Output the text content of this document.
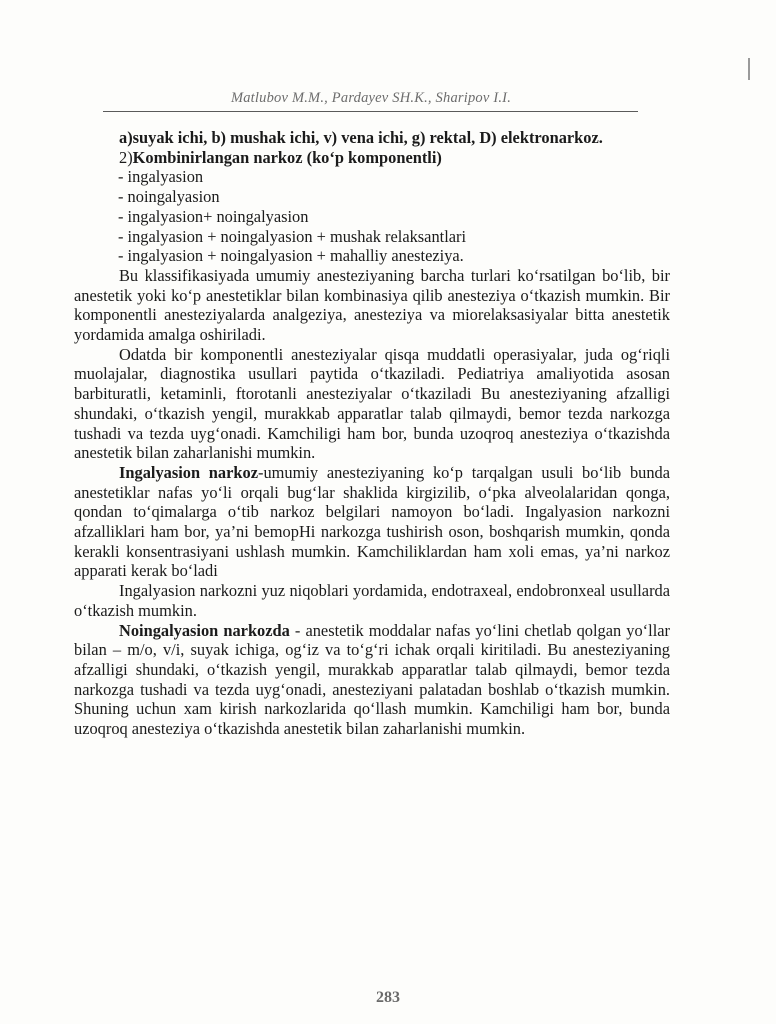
Matlubov M.M., Pardayev SH.K., Sharipov I.I.

a)suyak ichi, b) mushak ichi, v) vena ichi, g) rektal, D) elektronarkoz.

2)Kombinirlangan narkoz (ko‘p komponentli)

- ingalyasion

- noingalyasion

- ingalyasion+ noingalyasion

- ingalyasion + noingalyasion + mushak relaksantlari

- ingalyasion + noingalyasion + mahalliy anesteziya.

Bu klassifikasiyada umumiy anesteziyaning barcha turlari ko‘rsatilgan bo‘lib, bir anestetik yoki ko‘p anestetiklar bilan kombinasiya qilib anesteziya o‘tkazish mumkin. Bir komponentli anesteziyalarda analgeziya, anesteziya va miorelaksasiyalar bitta anestetik yordamida amalga oshiriladi.

Odatda bir komponentli anesteziyalar qisqa muddatli operasiyalar, juda og‘riqli muolajalar, diagnostika usullari paytida o‘tkaziladi. Pediatriya amaliyotida asosan barbituratli, ketaminli, ftorotanli anesteziyalar o‘tkaziladi Bu anesteziyaning afzalligi shundaki, o‘tkazish yengil, murakkab apparatlar talab qilmaydi, bemor tezda narkozga tushadi va tezda uyg‘onadi. Kamchiligi ham bor, bunda uzoqroq anesteziya o‘tkazishda anestetik bilan zaharlanishi mumkin.

Ingalyasion narkoz-umumiy anesteziyaning ko‘p tarqalgan usuli bo‘lib bunda anestetiklar nafas yo‘li orqali bug‘lar shaklida kirgizilib, o‘pka alveolalaridan qonga, qondan to‘qimalarga o‘tib narkoz belgilari namoyon bo‘ladi. Ingalyasion narkozni afzalliklari ham bor, ya’ni bemopHi narkozga tushirish oson, boshqarish mumkin, qonda kerakli konsentrasiyani ushlash mumkin. Kamchiliklardan ham xoli emas, ya’ni narkoz apparati kerak bo‘ladi

Ingalyasion narkozni yuz niqoblari yordamida, endotraxeal, endobronxeal usullarda o‘tkazish mumkin.

Noingalyasion narkozda - anestetik moddalar nafas yo‘lini chetlab qolgan yo‘llar bilan – m/o, v/i, suyak ichiga, og‘iz va to‘g‘ri ichak orqali kiritiladi. Bu anesteziyaning afzalligi shundaki, o‘tkazish yengil, murakkab apparatlar talab qilmaydi, bemor tezda narkozga tushadi va tezda uyg‘onadi, anesteziyani palatadan boshlab o‘tkazish mumkin. Shuning uchun xam kirish narkozlarida qo‘llash mumkin. Kamchiligi ham bor, bunda uzoqroq anesteziya o‘tkazishda anestetik bilan zaharlanishi mumkin.

283
